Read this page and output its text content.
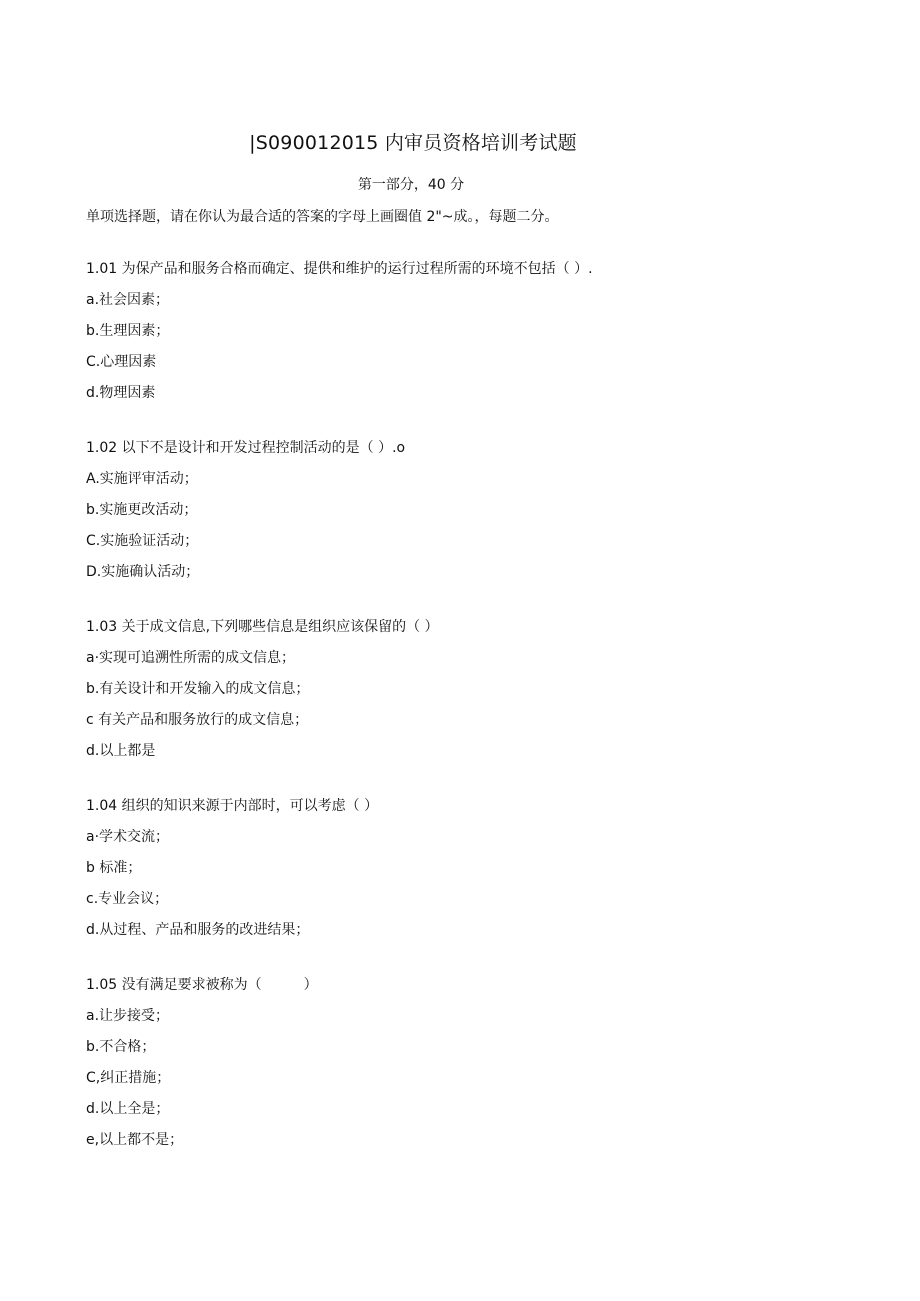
|S090012015 内审员资格培训考试题
第一部分，40 分
单项选择题，请在你认为最合适的答案的字母上画圈值 2"~成。，每题二分。
1.01 为保产品和服务合格而确定、提供和维护的运行过程所需的环境不包括（ ）.
a.社会因素；
b.生理因素；
C.心理因素
d.物理因素
1.02 以下不是设计和开发过程控制活动的是（ ）.o
A.实施评审活动；
b.实施更改活动；
C.实施验证活动；
D.实施确认活动；
1.03 关于成文信息,下列哪些信息是组织应该保留的（ ）
a·实现可追溯性所需的成文信息；
b.有关设计和开发输入的成文信息；
c 有关产品和服务放行的成文信息；
d.以上都是
1.04 组织的知识来源于内部时，可以考虑（ ）
a·学术交流；
b 标准；
c.专业会议；
d.从过程、产品和服务的改进结果；
1.05 没有满足要求被称为（　　　）
a.让步接受；
b.不合格；
C,纠正措施；
d.以上全是；
e,以上都不是；
